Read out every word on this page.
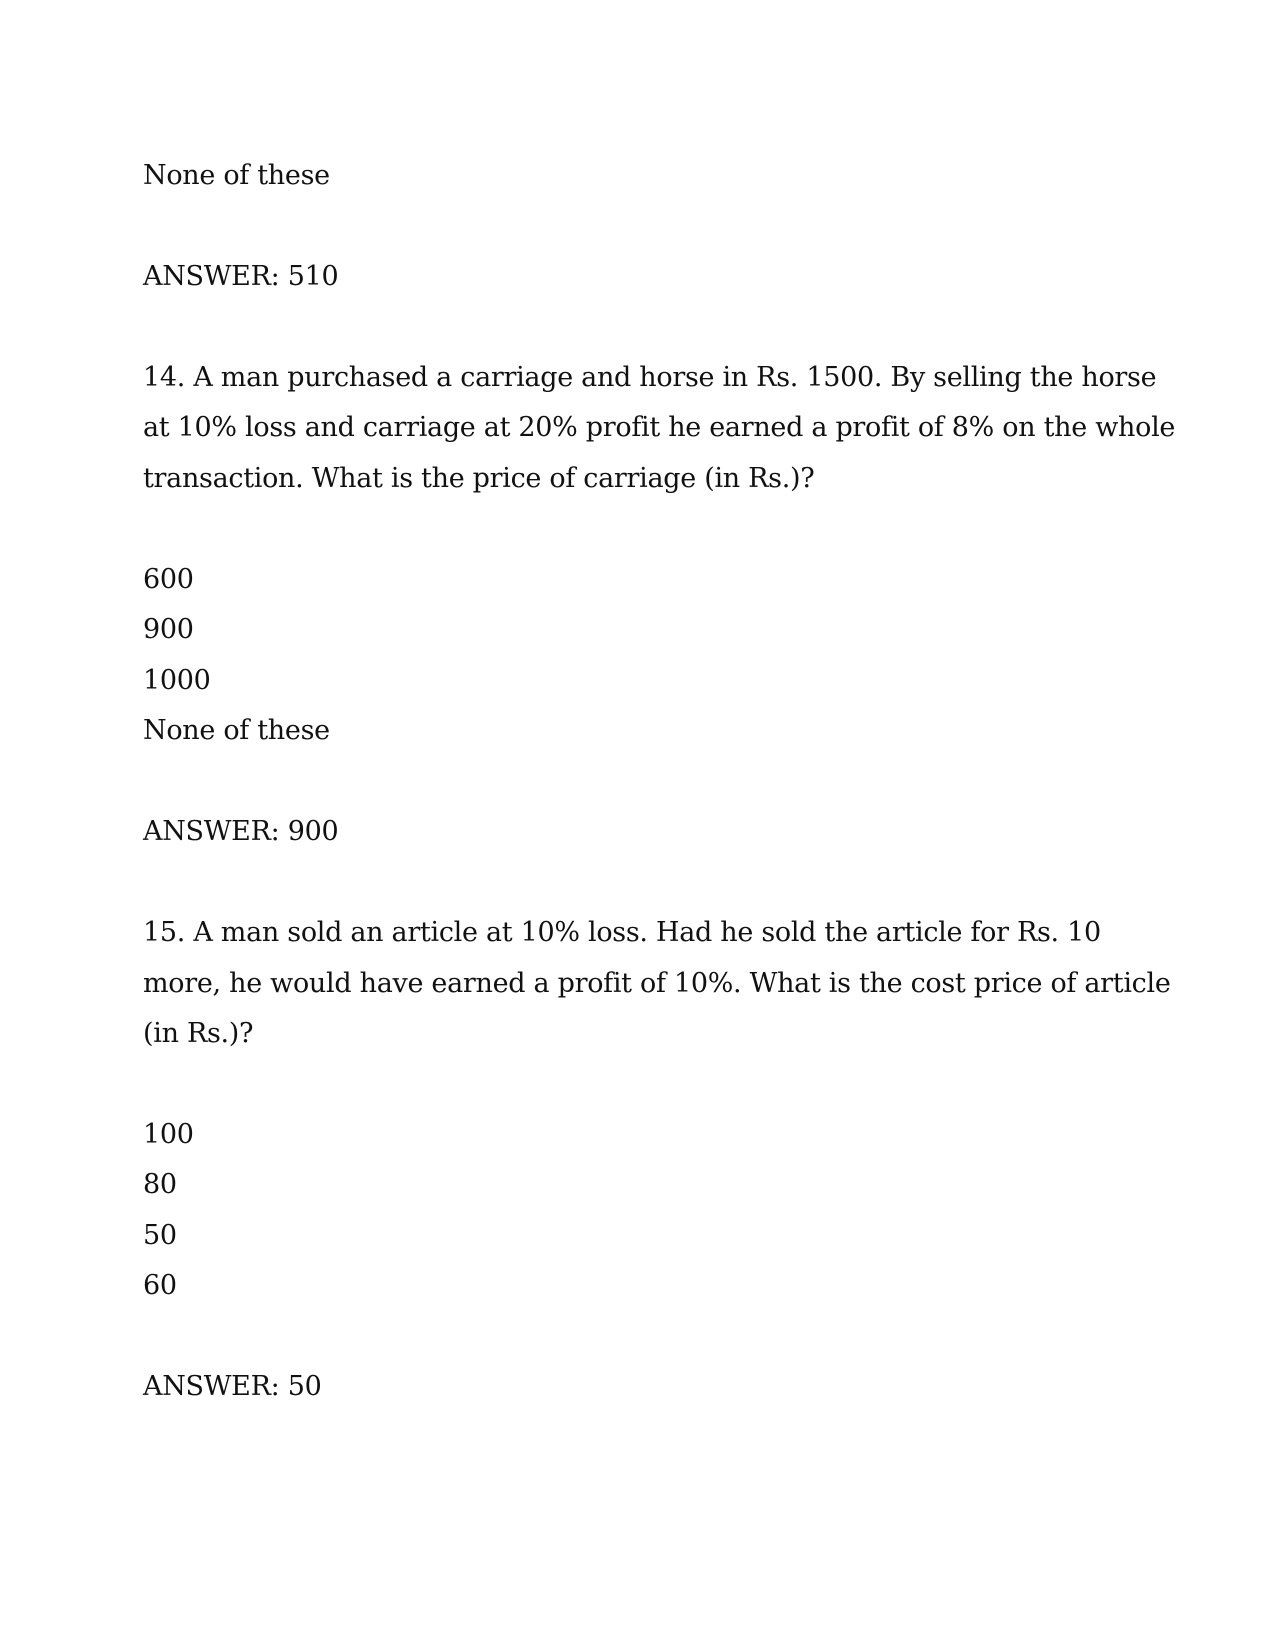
None of these
ANSWER: 510
14. A man purchased a carriage and horse in Rs. 1500. By selling the horse
at 10% loss and carriage at 20% profit he earned a profit of 8% on the whole
transaction. What is the price of carriage (in Rs.)?
600
900
1000
None of these
ANSWER: 900
15. A man sold an article at 10% loss. Had he sold the article for Rs. 10
more, he would have earned a profit of 10%. What is the cost price of article
(in Rs.)?
100
80
50
60
ANSWER: 50
